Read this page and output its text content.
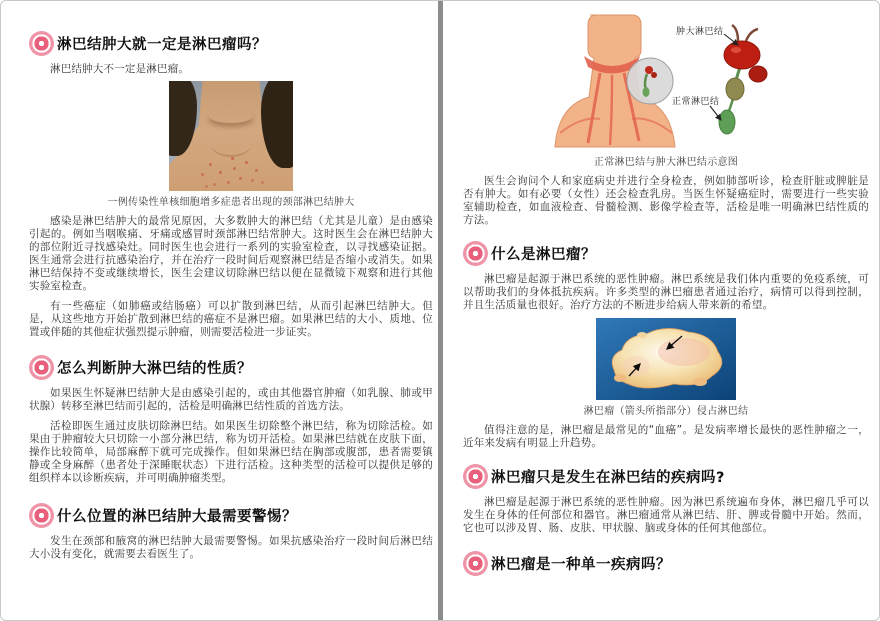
淋巴结肿大就一定是淋巴瘤吗？

淋巴结肿大不一定是淋巴瘤。

一例传染性单核细胞增多症患者出现的颈部淋巴结肿大

感染是淋巴结肿大的最常见原因，大多数肿大的淋巴结（尤其是儿童）是由感染引起的。例如当咽喉痛、牙痛或感冒时颈部淋巴结常肿大。这时医生会在淋巴结肿大的部位附近寻找感染灶。同时医生也会进行一系列的实验室检查，以寻找感染证据。医生通常会进行抗感染治疗，并在治疗一段时间后观察淋巴结是否缩小或消失。如果淋巴结保持不变或继续增长，医生会建议切除淋巴结以便在显微镜下观察和进行其他实验室检查。

有一些癌症（如肺癌或结肠癌）可以扩散到淋巴结，从而引起淋巴结肿大。但是，从这些地方开始扩散到淋巴结的癌症不是淋巴瘤。如果淋巴结的大小、质地、位置或伴随的其他症状强烈提示肿瘤，则需要活检进一步证实。

怎么判断肿大淋巴结的性质？

如果医生怀疑淋巴结肿大是由感染引起的，或由其他器官肿瘤（如乳腺、肺或甲状腺）转移至淋巴结而引起的，活检是明确淋巴结性质的首选方法。

活检即医生通过皮肤切除淋巴结。如果医生切除整个淋巴结，称为切除活检。如果由于肿瘤较大只切除一小部分淋巴结，称为切开活检。如果淋巴结就在皮肤下面，操作比较简单，局部麻醉下就可完成操作。但如果淋巴结在胸部或腹部，患者需要镇静或全身麻醉（患者处于深睡眠状态）下进行活检。这种类型的活检可以提供足够的组织样本以诊断疾病，并可明确肿瘤类型。

什么位置的淋巴结肿大最需要警惕？

发生在颈部和腋窝的淋巴结肿大最需要警惕。如果抗感染治疗一段时间后淋巴结大小没有变化，就需要去看医生了。

肿大淋巴结
正常淋巴结
正常淋巴结与肿大淋巴结示意图

医生会询问个人和家庭病史并进行全身检查，例如肺部听诊，检查肝脏或脾脏是否有肿大。如有必要（女性）还会检查乳房。当医生怀疑癌症时，需要进行一些实验室辅助检查，如血液检查、骨髓检测、影像学检查等，活检是唯一明确淋巴结性质的方法。

什么是淋巴瘤？

淋巴瘤是起源于淋巴系统的恶性肿瘤。淋巴系统是我们体内重要的免疫系统，可以帮助我们的身体抵抗疾病。许多类型的淋巴瘤患者通过治疗，病情可以得到控制，并且生活质量也很好。治疗方法的不断进步给病人带来新的希望。

淋巴瘤（箭头所指部分）侵占淋巴结

值得注意的是，淋巴瘤是最常见的“血癌”。是发病率增长最快的恶性肿瘤之一，近年来发病有明显上升趋势。

淋巴瘤只是发生在淋巴结的疾病吗?

淋巴瘤是起源于淋巴系统的恶性肿瘤。因为淋巴系统遍布身体，淋巴瘤几乎可以发生在身体的任何部位和器官。淋巴瘤通常从淋巴结、肝、脾或骨髓中开始。然而，它也可以涉及胃、肠、皮肤、甲状腺、脑或身体的任何其他部位。

淋巴瘤是一种单一疾病吗？
